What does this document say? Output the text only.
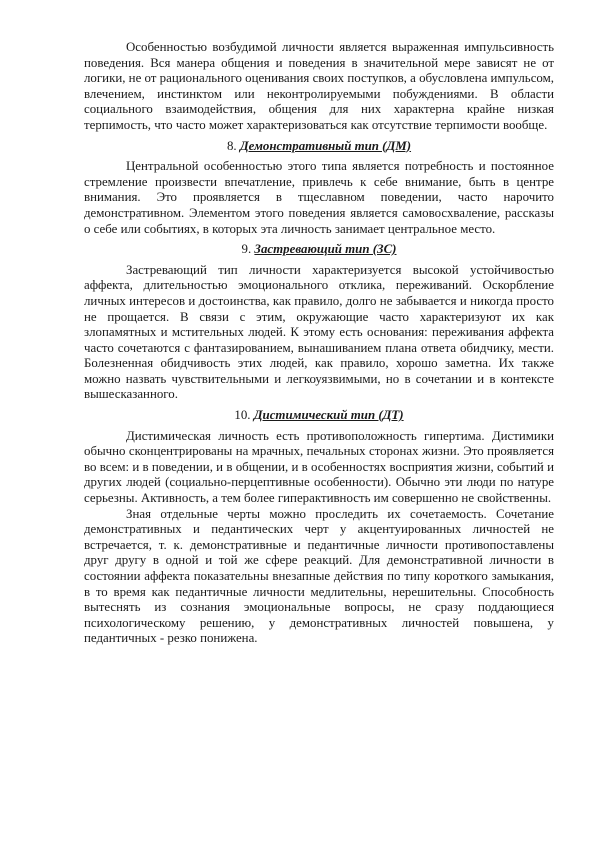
Особенностью возбудимой личности является выраженная импульсивность поведения. Вся манера общения и поведения в значительной мере зависят не от логики, не от рационального оценивания своих поступков, а обусловлена импульсом, влечением, инстинктом или неконтролируемыми побуждениями. В области социального взаимодействия, общения для них характерна крайне низкая терпимость, что часто может характеризоваться как отсутствие терпимости вообще.

8. Демонстративный тип (ДМ)

Центральной особенностью этого типа является потребность и постоянное стремление произвести впечатление, привлечь к себе внимание, быть в центре внимания. Это проявляется в тщеславном поведении, часто нарочито демонстративном. Элементом этого поведения является самовосхваление, рассказы о себе или событиях, в которых эта личность занимает центральное место.

9. Застревающий тип (ЗС)

Застревающий тип личности характеризуется высокой устойчивостью аффекта, длительностью эмоционального отклика, переживаний. Оскорбление личных интересов и достоинства, как правило, долго не забывается и никогда просто не прощается. В связи с этим, окружающие часто характеризуют их как злопамятных и мстительных людей. К этому есть основания: переживания аффекта часто сочетаются с фантазированием, вынашиванием плана ответа обидчику, мести. Болезненная обидчивость этих людей, как правило, хорошо заметна. Их также можно назвать чувствительными и легкоуязвимыми, но в сочетании и в контексте вышесказанного.

10. Дистимический тип (ДТ)

Дистимическая личность есть противоположность гипертима. Дистимики обычно сконцентрированы на мрачных, печальных сторонах жизни. Это проявляется во всем: и в поведении, и в общении, и в особенностях восприятия жизни, событий и других людей (социально-перцептивные особенности). Обычно эти люди по натуре серьезны. Активность, а тем более гиперактивность им совершенно не свойственны.

Зная отдельные черты можно проследить их сочетаемость. Сочетание демонстративных и педантических черт у акцентуированных личностей не встречается, т. к. демонстративные и педантичные личности противопоставлены друг другу в одной и той же сфере реакций. Для демонстративной личности в состоянии аффекта показательны внезапные действия по типу короткого замыкания, в то время как педантичные личности медлительны, нерешительны. Способность вытеснять из сознания эмоциональные вопросы, не сразу поддающиеся психологическому решению, у демонстративных личностей повышена, у педантичных - резко понижена.
